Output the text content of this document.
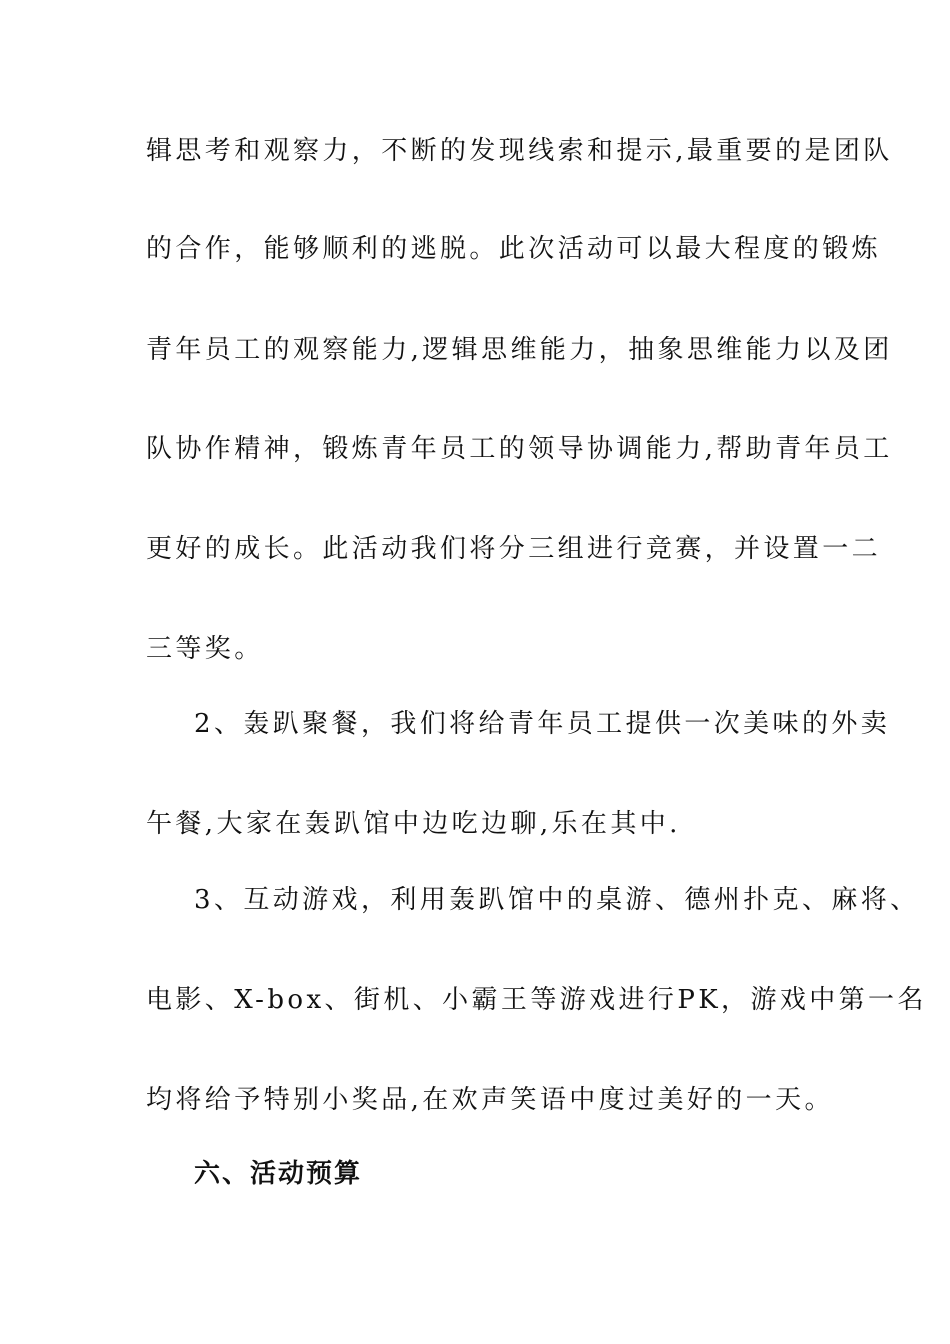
辑思考和观察力，不断的发现线索和提示,最重要的是团队
的合作，能够顺利的逃脱。此次活动可以最大程度的锻炼
青年员工的观察能力,逻辑思维能力，抽象思维能力以及团
队协作精神，锻炼青年员工的领导协调能力,帮助青年员工
更好的成长。此活动我们将分三组进行竞赛，并设置一二
三等奖。
2、轰趴聚餐，我们将给青年员工提供一次美味的外卖
午餐,大家在轰趴馆中边吃边聊,乐在其中.
3、互动游戏，利用轰趴馆中的桌游、德州扑克、麻将、
电影、X-box、街机、小霸王等游戏进行PK，游戏中第一名
均将给予特别小奖品,在欢声笑语中度过美好的一天。
六、活动预算
